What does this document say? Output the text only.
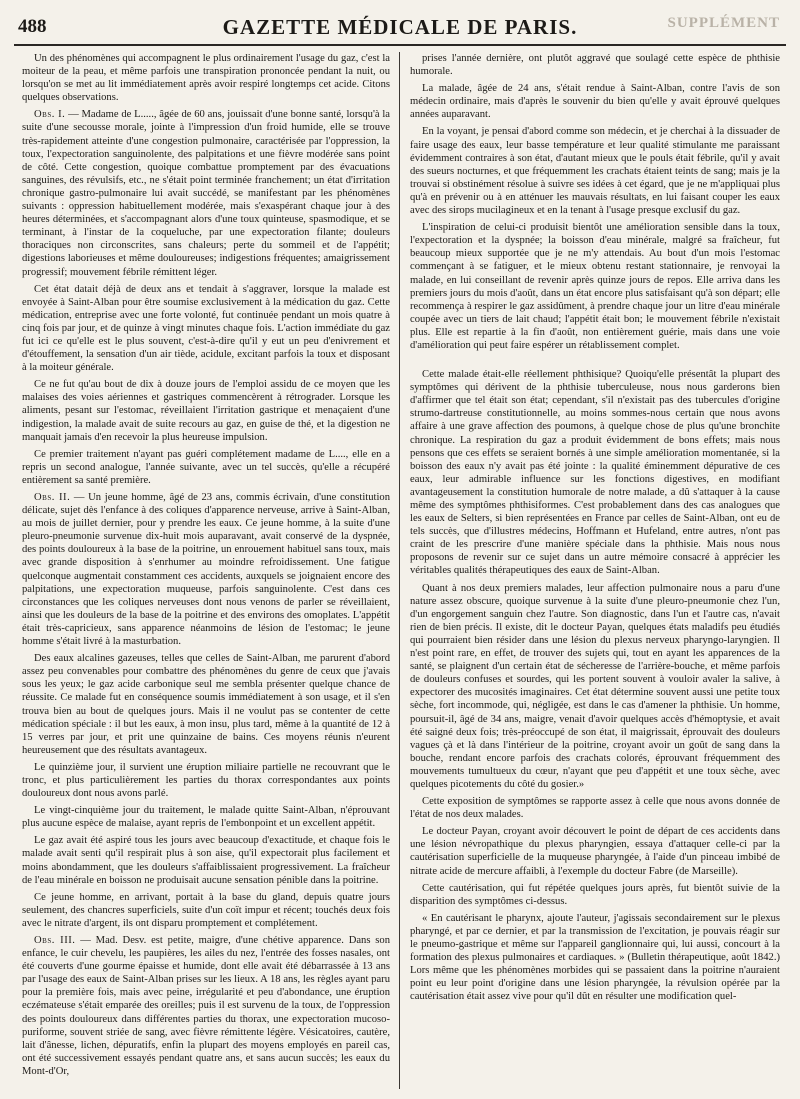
488	GAZETTE MÉDICALE DE PARIS.	SUPPLÉMENT

Un des phénomènes qui accompagnent le plus ordinairement l'usage du gaz, c'est la moiteur de la peau, et même parfois une transpiration prononcée pendant la nuit, ou lorsqu'on se met au lit immédiatement après avoir respiré longtemps cet acide. Citons quelques observations.

Obs. I. — Madame de L....., âgée de 60 ans, jouissait d'une bonne santé, lorsqu'à la suite d'une secousse morale, jointe à l'impression d'un froid humide, elle se trouve très-rapidement atteinte d'une congestion pulmonaire, caractérisée par l'oppression, la toux, l'expectoration sanguinolente, des palpitations et une fièvre modérée sans point de côté. Cette congestion, quoique combattue promptement par des évacuations sanguines, des révulsifs, etc., ne s'était point terminée franchement; un état d'irritation chronique gastro-pulmonaire lui avait succédé, se manifestant par les phénomènes suivants : oppression habituellement modérée, mais s'exaspérant chaque jour à des heures déterminées, et s'accompagnant alors d'une toux quinteuse, spasmodique, et se terminant, à l'instar de la coqueluche, par une expectoration filante; douleurs thoraciques non circonscrites, sans chaleurs; perte du sommeil et de l'appétit; digestions laborieuses et même douloureuses; indigestions fréquentes; amaigrissement progressif; mouvement fébrile rémittent léger.

Cet état datait déjà de deux ans et tendait à s'aggraver, lorsque la malade est envoyée à Saint-Alban pour être soumise exclusivement à la médication du gaz. Cette médication, entreprise avec une forte volonté, fut continuée pendant un mois quatre à cinq fois par jour, et de quinze à vingt minutes chaque fois. L'action immédiate du gaz fut ici ce qu'elle est le plus souvent, c'est-à-dire qu'il y eut un peu d'enivrement et d'étouffement, la sensation d'un air tiède, acidule, excitant parfois la toux et disposant à la moiteur générale.

Ce ne fut qu'au bout de dix à douze jours de l'emploi assidu de ce moyen que les malaises des voies aériennes et gastriques commencèrent à rétrograder. Lorsque les aliments, pesant sur l'estomac, réveillaient l'irritation gastrique et menaçaient d'une indigestion, la malade avait de suite recours au gaz, en guise de thé, et la digestion ne manquait jamais d'en recevoir la plus heureuse impulsion.

Ce premier traitement n'ayant pas guéri complétement madame de L...., elle en a repris un second analogue, l'année suivante, avec un tel succès, qu'elle a récupéré entièrement sa santé première.

Obs. II. — Un jeune homme, âgé de 23 ans, commis écrivain, d'une constitution délicate, sujet dès l'enfance à des coliques d'apparence nerveuse, arrive à Saint-Alban, au mois de juillet dernier, pour y prendre les eaux. Ce jeune homme, à la suite d'une pleuro-pneumonie survenue dix-huit mois auparavant, avait conservé de la dyspnée, des points douloureux à la base de la poitrine, un enrouement habituel sans toux, mais avec grande disposition à s'enrhumer au moindre refroidissement. Une fatigue quelconque augmentait constamment ces accidents, auxquels se joignaient encore des palpitations, une expectoration muqueuse, parfois sanguinolente. C'est dans ces circonstances que les coliques nerveuses dont nous venons de parler se réveillaient, ainsi que les douleurs de la base de la poitrine et des environs des omoplates. L'appétit était très-capricieux, sans apparence néanmoins de lésion de l'estomac; le jeune homme s'était livré à la masturbation.

Des eaux alcalines gazeuses, telles que celles de Saint-Alban, me parurent d'abord assez peu convenables pour combattre des phénomènes du genre de ceux que j'avais sous les yeux; le gaz acide carbonique seul me sembla présenter quelque chance de réussite. Ce malade fut en conséquence soumis immédiatement à son usage, et il s'en trouva bien au bout de quelques jours. Mais il ne voulut pas se contenter de cette médication spéciale : il but les eaux, à mon insu, plus tard, même à la quantité de 12 à 15 verres par jour, et prit une quinzaine de bains. Ces moyens réunis n'eurent heureusement que des résultats avantageux.

Le quinzième jour, il survient une éruption miliaire partielle ne recouvrant que le tronc, et plus particulièrement les parties du thorax correspondantes aux points douloureux dont nous avons parlé.

Le vingt-cinquième jour du traitement, le malade quitte Saint-Alban, n'éprouvant plus aucune espèce de malaise, ayant repris de l'embonpoint et un excellent appétit.

Le gaz avait été aspiré tous les jours avec beaucoup d'exactitude, et chaque fois le malade avait senti qu'il respirait plus à son aise, qu'il expectorait plus facilement et moins abondamment, que les douleurs s'affaiblissaient progressivement. La fraîcheur de l'eau minérale en boisson ne produisait aucune sensation pénible dans la poitrine.

Ce jeune homme, en arrivant, portait à la base du gland, depuis quatre jours seulement, des chancres superficiels, suite d'un coït impur et récent; touchés deux fois avec le nitrate d'argent, ils ont disparu promptement et complétement.

Obs. III. — Mad. Desv. est petite, maigre, d'une chétive apparence. Dans son enfance, le cuir chevelu, les paupières, les ailes du nez, l'entrée des fosses nasales, ont été couverts d'une gourme épaisse et humide, dont elle avait été débarrassée à 13 ans par l'usage des eaux de Saint-Alban prises sur les lieux. A 18 ans, les règles ayant paru pour la première fois, mais avec peine, irrégularité et peu d'abondance, une éruption eczémateuse s'était emparée des oreilles; puis il est survenu de la toux, de l'oppression des points douloureux dans différentes parties du thorax, une expectoration mucoso-puriforme, souvent striée de sang, avec fièvre rémittente légère. Vésicatoires, cautère, lait d'ânesse, lichen, dépuratifs, enfin la plupart des moyens employés en pareil cas, ont été successivement essayés pendant quatre ans, et sans aucun succès; les eaux du Mont-d'Or,

prises l'année dernière, ont plutôt aggravé que soulagé cette espèce de phthisie humorale.

La malade, âgée de 24 ans, s'était rendue à Saint-Alban, contre l'avis de son médecin ordinaire, mais d'après le souvenir du bien qu'elle y avait éprouvé quelques années auparavant.

En la voyant, je pensai d'abord comme son médecin, et je cherchai à la dissuader de faire usage des eaux, leur basse température et leur qualité stimulante me paraissant évidemment contraires à son état, d'autant mieux que le pouls était fébrile, qu'il y avait des sueurs nocturnes, et que fréquemment les crachats étaient teints de sang; mais je la trouvai si obstinément résolue à suivre ses idées à cet égard, que je ne m'appliquai plus qu'à en prévenir ou à en atténuer les mauvais résultats, en lui faisant couper les eaux avec des sirops mucilagineux et en la tenant à l'usage presque exclusif du gaz.

L'inspiration de celui-ci produisit bientôt une amélioration sensible dans la toux, l'expectoration et la dyspnée; la boisson d'eau minérale, malgré sa fraîcheur, fut beaucoup mieux supportée que je ne m'y attendais. Au bout d'un mois l'estomac commençant à se fatiguer, et le mieux obtenu restant stationnaire, je renvoyai la malade, en lui conseillant de revenir après quinze jours de repos. Elle arriva dans les premiers jours du mois d'août, dans un état encore plus satisfaisant qu'à son départ; elle recommença à respirer le gaz assidûment, à prendre chaque jour un litre d'eau minérale coupée avec un tiers de lait chaud; l'appétit était bon; le mouvement fébrile n'existait plus. Elle est repartie à la fin d'août, non entièrement guérie, mais dans une voie d'amélioration qui peut faire espérer un rétablissement complet.

Cette malade était-elle réellement phthisique? Quoiqu'elle présentât la plupart des symptômes qui dérivent de la phthisie tuberculeuse, nous nous garderons bien d'affirmer que tel était son état; cependant, s'il n'existait pas des tubercules d'origine strumo-dartreuse constitutionnelle, au moins sommes-nous certain que nous avons affaire à une grave affection des poumons, à quelque chose de plus qu'une bronchite chronique. La respiration du gaz a produit évidemment de bons effets; mais nous pensons que ces effets se seraient bornés à une simple amélioration momentanée, si la boisson des eaux n'y avait pas été jointe : la qualité éminemment dépurative de ces eaux, leur admirable influence sur les fonctions digestives, en modifiant avantageusement la constitution humorale de notre malade, a dû s'attaquer à la cause même des symptômes phthisiformes. C'est probablement dans des cas analogues que les eaux de Selters, si bien représentées en France par celles de Saint-Alban, ont eu de tels succès, que d'illustres médecins, Hoffmann et Hufeland, entre autres, n'ont pas craint de les prescrire d'une manière spéciale dans la phthisie. Mais nous nous proposons de revenir sur ce sujet dans un autre mémoire consacré à apprécier les véritables qualités thérapeutiques des eaux de Saint-Alban.

Quant à nos deux premiers malades, leur affection pulmonaire nous a paru d'une nature assez obscure, quoique survenue à la suite d'une pleuro-pneumonie chez l'un, d'un engorgement sanguin chez l'autre. Son diagnostic, dans l'un et l'autre cas, n'avait rien de bien précis. Il existe, dit le docteur Payan, quelques états maladifs peu étudiés qui pourraient bien résider dans une lésion du plexus nerveux pharyngo-laryngien. Il n'est point rare, en effet, de trouver des sujets qui, tout en ayant les apparences de la santé, se plaignent d'un certain état de sécheresse de l'arrière-bouche, et même parfois de douleurs confuses et sourdes, qui les portent souvent à vouloir avaler la salive, à expectorer des mucosités imaginaires. Cet état détermine souvent aussi une petite toux sèche, fort incommode, qui, négligée, est dans le cas d'amener la phthisie. Un homme, poursuit-il, âgé de 34 ans, maigre, venait d'avoir quelques accès d'hémoptysie, et avait été saigné deux fois; très-préoccupé de son état, il maigrissait, éprouvait des douleurs vagues çà et là dans l'intérieur de la poitrine, croyant avoir un goût de sang dans la bouche, rendant encore parfois des crachats colorés, éprouvant fréquemment des mouvements tumultueux du cœur, n'ayant que peu d'appétit et une toux sèche, avec quelques picotements du côté du gosier.»

Cette exposition de symptômes se rapporte assez à celle que nous avons donnée de l'état de nos deux malades.

Le docteur Payan, croyant avoir découvert le point de départ de ces accidents dans une lésion névropathique du plexus pharyngien, essaya d'attaquer celle-ci par la cautérisation superficielle de la muqueuse pharyngée, à l'aide d'un pinceau imbibé de nitrate acide de mercure affaibli, à l'exemple du docteur Fabre (de Marseille).

Cette cautérisation, qui fut répétée quelques jours après, fut bientôt suivie de la disparition des symptômes ci-dessus.

« En cautérisant le pharynx, ajoute l'auteur, j'agissais secondairement sur le plexus pharyngé, et par ce dernier, et par la transmission de l'excitation, je pouvais réagir sur le pneumo-gastrique et même sur l'appareil ganglionnaire qui, lui aussi, concourt à la formation des plexus pulmonaires et cardiaques. » (Bulletin thérapeutique, août 1842.) Lors même que les phénomènes morbides qui se passaient dans la poitrine n'auraient point eu leur point d'origine dans une lésion pharyngée, la révulsion opérée par la cautérisation était assez vive pour qu'il dût en résulter une modification quel-
